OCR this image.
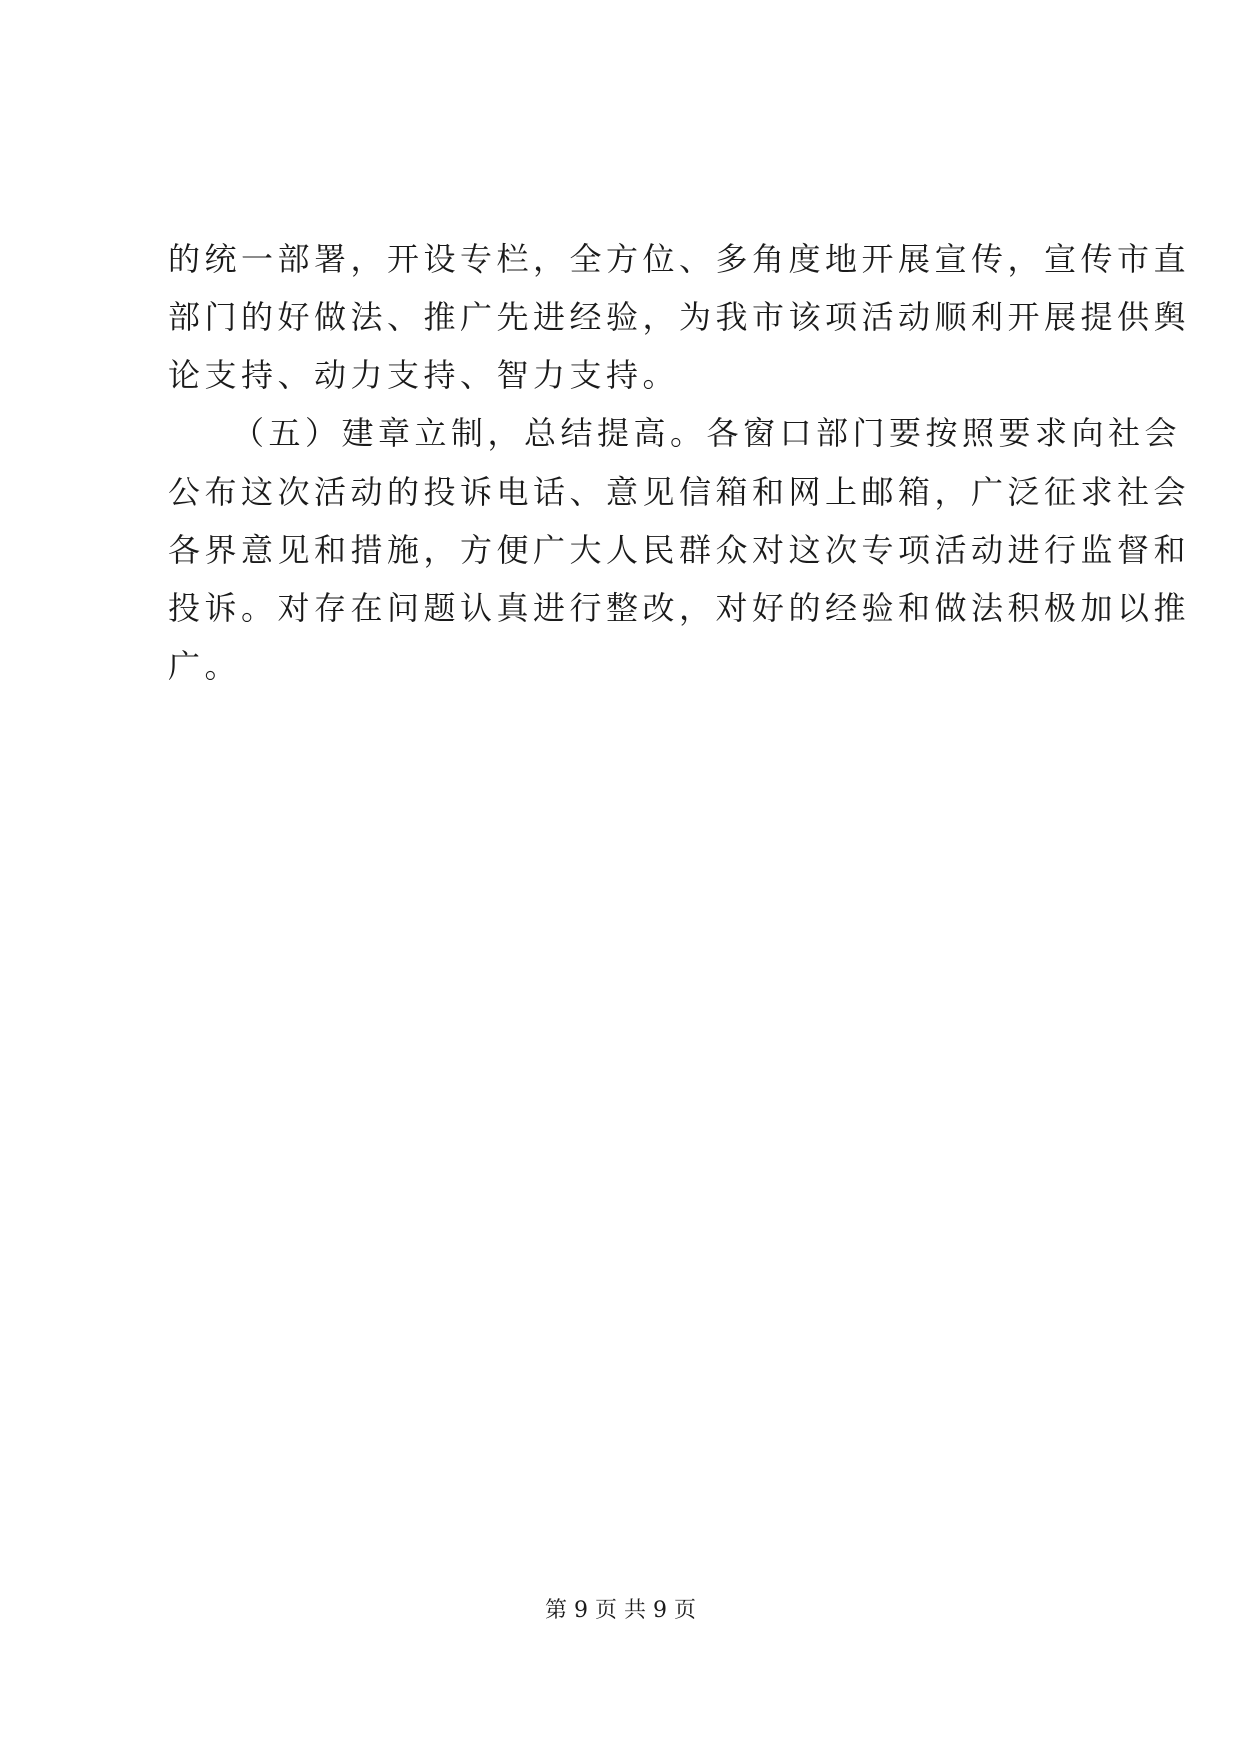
的统一部署，开设专栏，全方位、多角度地开展宣传，宣传市直
部门的好做法、推广先进经验，为我市该项活动顺利开展提供舆
论支持、动力支持、智力支持。
（五）建章立制，总结提高。各窗口部门要按照要求向社会
公布这次活动的投诉电话、意见信箱和网上邮箱，广泛征求社会
各界意见和措施，方便广大人民群众对这次专项活动进行监督和
投诉。对存在问题认真进行整改，对好的经验和做法积极加以推
广。
第 9 页 共 9 页
